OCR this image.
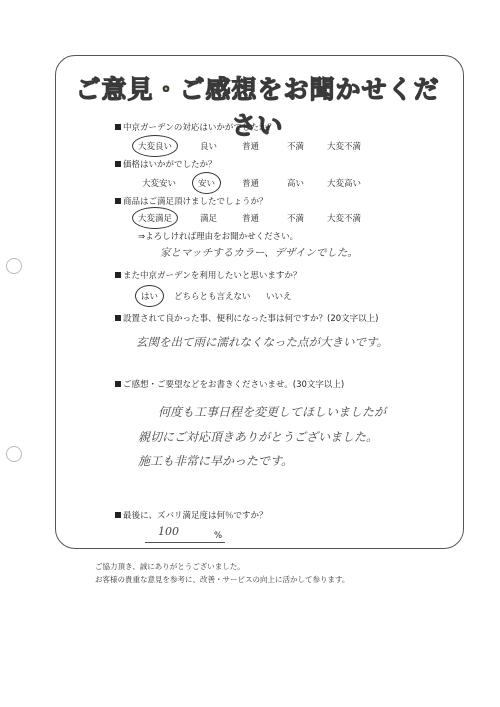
ご意見・ご感想をお聞かせください
中京ガーデンの対応はいかがでしたか？
大変良い	良い	普通	不満	大変不満
価格はいかがでしたか？
大変安い	安い	普通	高い	大変高い
商品はご満足頂けましたでしょうか？
大変満足	満足	普通	不満	大変不満
⇒よろしければ理由をお聞かせください。
家とマッチするカラー、デザインでした。
また中京ガーデンを利用したいと思いますか？
はい どちらとも言えない いいえ
設置されて良かった事、便利になった事は何ですか？(20文字以上)
玄関を出て雨に濡れなくなった点が大きいです。
ご感想・ご要望などをお書きくださいませ。(30文字以上)
何度も工事日程を変更してほしいましたが
親切にご対応頂きありがとうございました。
施工も非常に早かったです。
最後に、ズバリ満足度は何％ですか？
100	%
ご協力頂き、誠にありがとうございました。
お客様の貴重な意見を参考に、改善・サービスの向上に活かして参ります。
